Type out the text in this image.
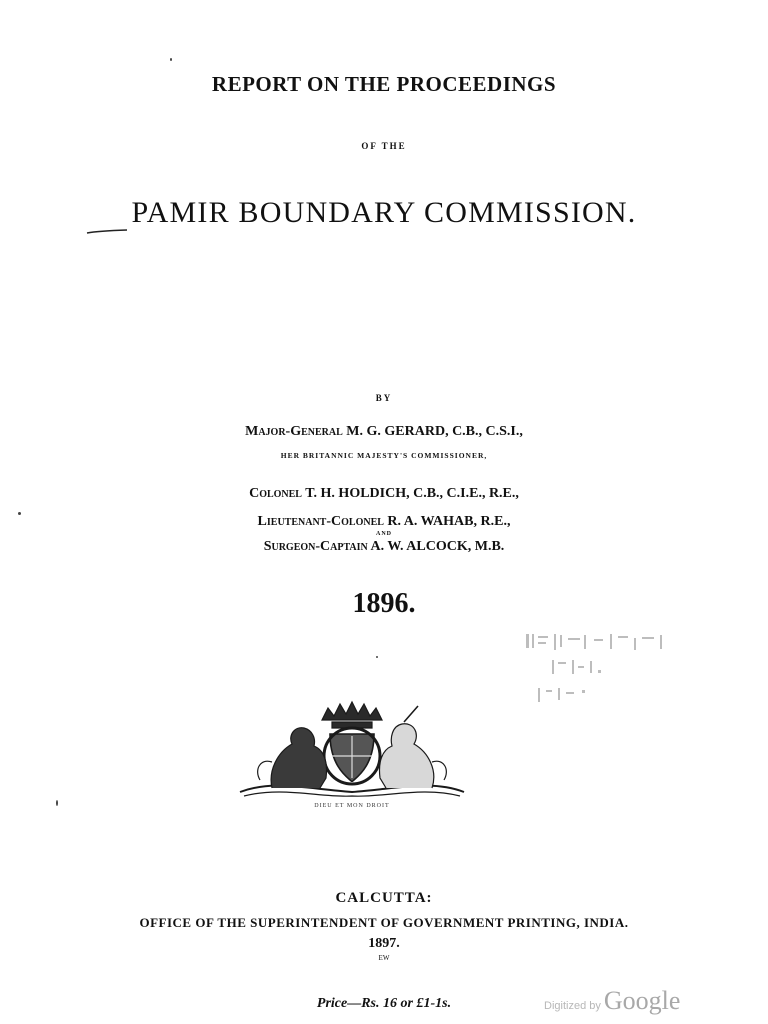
REPORT ON THE PROCEEDINGS
OF THE
PAMIR BOUNDARY COMMISSION.
BY
Major-General M. G. GERARD, C.B., C.S.I.,
HER BRITANNIC MAJESTY'S COMMISSIONER,
Colonel T. H. HOLDICH, C.B., C.I.E., R.E.,
Lieutenant-Colonel R. A. WAHAB, R.E.,
AND
Surgeon-Captain A. W. ALCOCK, M.B.
1896.
DIEU ET MON DROIT
CALCUTTA:
OFFICE OF THE SUPERINTENDENT OF GOVERNMENT PRINTING, INDIA.
1897.
EW
Price—Rs. 16 or £1-1s.	Digitized by Google
